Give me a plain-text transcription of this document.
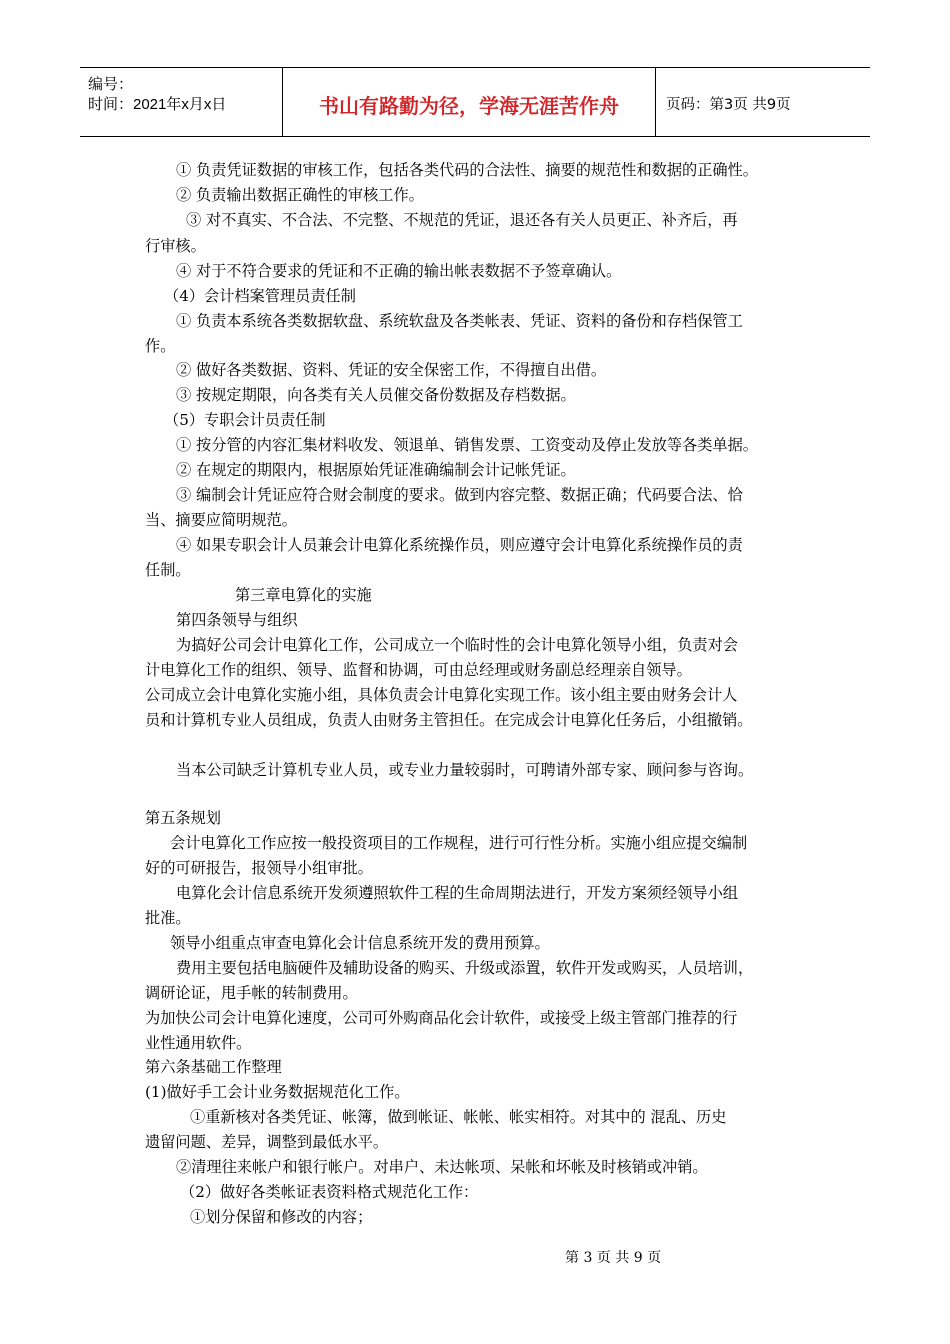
编号：
时间：2021年x月x日	书山有路勤为径，学海无涯苦作舟	页码：第3页 共9页
① 负责凭证数据的审核工作，包括各类代码的合法性、摘要的规范性和数据的正确性。
② 负责输出数据正确性的审核工作。
③ 对不真实、不合法、不完整、不规范的凭证，退还各有关人员更正、补齐后，再
行审核。
④ 对于不符合要求的凭证和不正确的输出帐表数据不予签章确认。
（4）会计档案管理员责任制
① 负责本系统各类数据软盘、系统软盘及各类帐表、凭证、资料的备份和存档保管工
作。
② 做好各类数据、资料、凭证的安全保密工作，不得擅自出借。
③ 按规定期限，向各类有关人员催交备份数据及存档数据。
（5）专职会计员责任制
① 按分管的内容汇集材料收发、领退单、销售发票、工资变动及停止发放等各类单据。
② 在规定的期限内，根据原始凭证准确编制会计记帐凭证。
③ 编制会计凭证应符合财会制度的要求。做到内容完整、数据正确；代码要合法、恰
当、摘要应简明规范。
④ 如果专职会计人员兼会计电算化系统操作员，则应遵守会计电算化系统操作员的责
任制。
第三章电算化的实施
第四条领导与组织
为搞好公司会计电算化工作，公司成立一个临时性的会计电算化领导小组，负责对会
计电算化工作的组织、领导、监督和协调，可由总经理或财务副总经理亲自领导。
公司成立会计电算化实施小组，具体负责会计电算化实现工作。该小组主要由财务会计人
员和计算机专业人员组成，负责人由财务主管担任。在完成会计电算化任务后，小组撤销。
当本公司缺乏计算机专业人员，或专业力量较弱时，可聘请外部专家、顾问参与咨询。
第五条规划
会计电算化工作应按一般投资项目的工作规程，进行可行性分析。实施小组应提交编制
好的可研报告，报领导小组审批。
电算化会计信息系统开发须遵照软件工程的生命周期法进行，开发方案须经领导小组
批准。
领导小组重点审查电算化会计信息系统开发的费用预算。
费用主要包括电脑硬件及辅助设备的购买、升级或添置，软件开发或购买，人员培训，
调研论证，甩手帐的转制费用。
为加快公司会计电算化速度，公司可外购商品化会计软件，或接受上级主管部门推荐的行
业性通用软件。
第六条基础工作整理
(1)做好手工会计业务数据规范化工作。
①重新核对各类凭证、帐簿，做到帐证、帐帐、帐实相符。对其中的 混乱、历史
遗留问题、差异，调整到最低水平。
②清理往来帐户和银行帐户。对串户、未达帐项、呆帐和坏帐及时核销或冲销。
（2）做好各类帐证表资料格式规范化工作：
①划分保留和修改的内容；
第 3 页 共 9 页
